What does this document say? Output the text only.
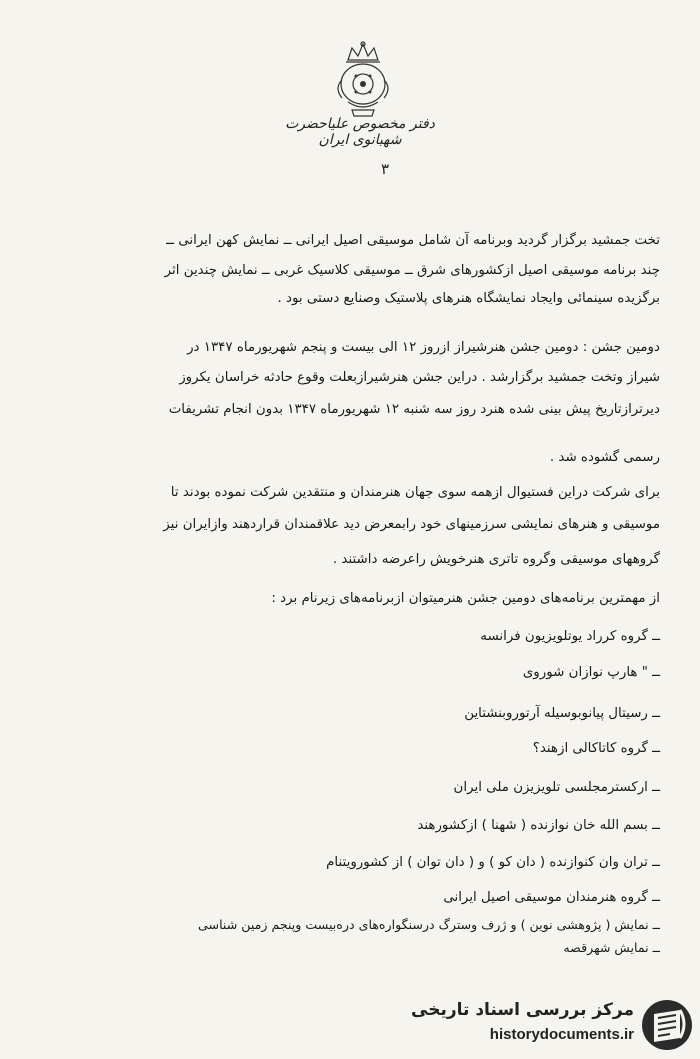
دفتر مخصوص علیاحضرت شهبانوی ایران
۳
تخت جمشید برگزار گردید وبرنامه آن شامل موسیقی اصیل ایرانی ــ نمایش کهن ایرانی ــ
چند برنامه موسیقی اصیل ازکشورهای شرق ــ موسیقی کلاسیک غربی ــ نمایش چندین اثر
برگزیده سینمائی وایجاد نمایشگاه هنرهای پلاستیک وصنایع دستی بود .
دومین جشن : دومین جشن هنرشیراز ازروز ۱۲ الی بیست و پنجم شهریورماه ۱۳۴۷ در
شیراز وتخت جمشید برگزارشد . دراین جشن هنرشیرازبعلت وقوع حادثه خراسان یکروز
دیرترازتاریخ پیش بینی شده هنرد روز سه شنبه ۱۲ شهریورماه ۱۳۴۷ بدون انجام تشریفات
رسمی گشوده شد .
برای شرکت دراین فستیوال ازهمه سوی جهان هنرمندان و منتقدین شرکت نموده بودند تا
موسیقی و هنرهای نمایشی سرزمینهای خود رابمعرض دید علاقمندان قراردهند وازایران نیز
گروههای موسیقی وگروه تاتری هنرخویش راعرضه داشتند .
از مهمترین برنامه‌های دومین جشن هنرمیتوان ازبرنامه‌های زیرنام برد :
ــ گروه کرراد یوتلویزیون فرانسه
ــ " هارپ نوازان شوروی
ــ رسیتال پیانوبوسیله آرتوروبنشتاین
ــ گروه کاتاکالی ازهند؟
ــ ارکسترمجلسی تلویزیزن ملی ایران
ــ بسم الله خان نوازنده ( شهنا ) ازکشورهند
ــ تران وان کنوازنده ( دان کو ) و ( دان توان ) از کشورویتنام
ــ گروه هنرمندان موسیقی اصیل ایرانی
ــ نمایش ( پژوهشی نوین ) و ژرف وسترگ درسنگواره‌های دره‌بیست وپنجم زمین شناسی
ــ نمایش شهرقصه
مرکز بررسی اسناد تاریخی
historydocuments.ir
